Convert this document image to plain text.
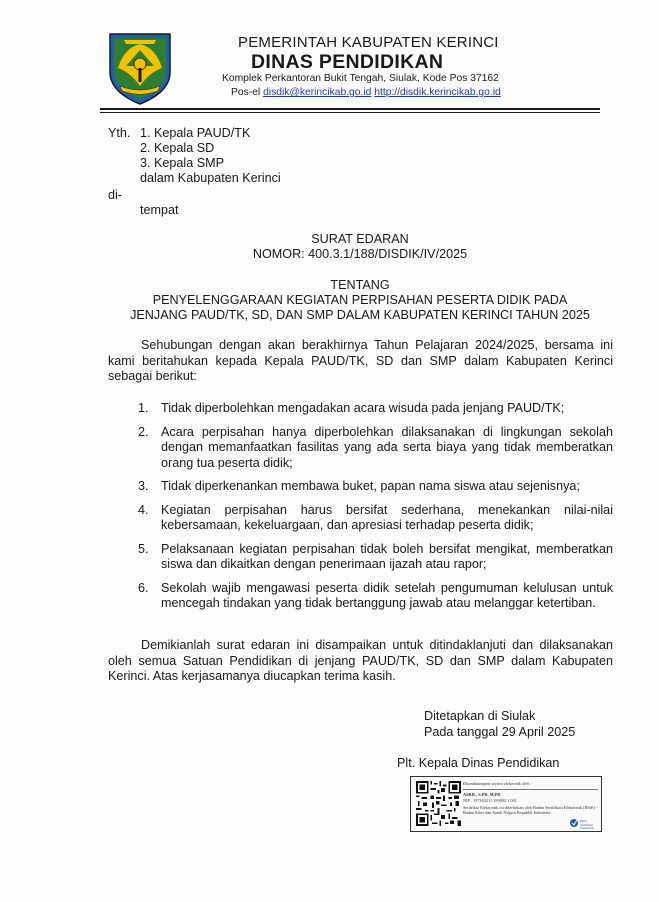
PEMERINTAH KABUPATEN KERINCI
DINAS PENDIDIKAN
Komplek Perkantoran Bukit Tengah, Siulak, Kode Pos 37162
Pos-el disdik@kerincikab.go.id http://disdik.kerincikab.go.id
Yth. 1. Kepala PAUD/TK
2. Kepala SD
3. Kepala SMP
dalam Kabupaten Kerinci
di-
tempat
SURAT EDARAN
NOMOR: 400.3.1/188/DISDIK/IV/2025
TENTANG
PENYELENGGARAAN KEGIATAN PERPISAHAN PESERTA DIDIK PADA
JENJANG PAUD/TK, SD, DAN SMP DALAM KABUPATEN KERINCI TAHUN 2025
Sehubungan dengan akan berakhirnya Tahun Pelajaran 2024/2025, bersama ini kami beritahukan kepada Kepala PAUD/TK, SD dan SMP dalam Kabupaten Kerinci sebagai berikut:
1. Tidak diperbolehkan mengadakan acara wisuda pada jenjang PAUD/TK;
2. Acara perpisahan hanya diperbolehkan dilaksanakan di lingkungan sekolah dengan memanfaatkan fasilitas yang ada serta biaya yang tidak memberatkan orang tua peserta didik;
3. Tidak diperkenankan membawa buket, papan nama siswa atau sejenisnya;
4. Kegiatan perpisahan harus bersifat sederhana, menekankan nilai-nilai kebersamaan, kekeluargaan, dan apresiasi terhadap peserta didik;
5. Pelaksanaan kegiatan perpisahan tidak boleh bersifat mengikat, memberatkan siswa dan dikaitkan dengan penerimaan ijazah atau rapor;
6. Sekolah wajib mengawasi peserta didik setelah pengumuman kelulusan untuk mencegah tindakan yang tidak bertanggung jawab atau melanggar ketertiban.
Demikianlah surat edaran ini disampaikan untuk ditindaklanjuti dan dilaksanakan oleh semua Satuan Pendidikan di jenjang PAUD/TK, SD dan SMP dalam Kabupaten Kerinci. Atas kerjasamanya diucapkan terima kasih.
Ditetapkan di Siulak
Pada tanggal 29 April 2025
Plt. Kepala Dinas Pendidikan
Ditandatangani secara elektronik oleh :
ASRIL, S.PD, M.PD
NIP . 197303211 199802 1 001
Sertifikat Elektronik ini diterbitkan oleh Badan Sertifikasi Elektronik (BSrE) -
Badan Siber dan Sandi Negara Republik Indonesia
Balai Sertifikasi Elektronik
